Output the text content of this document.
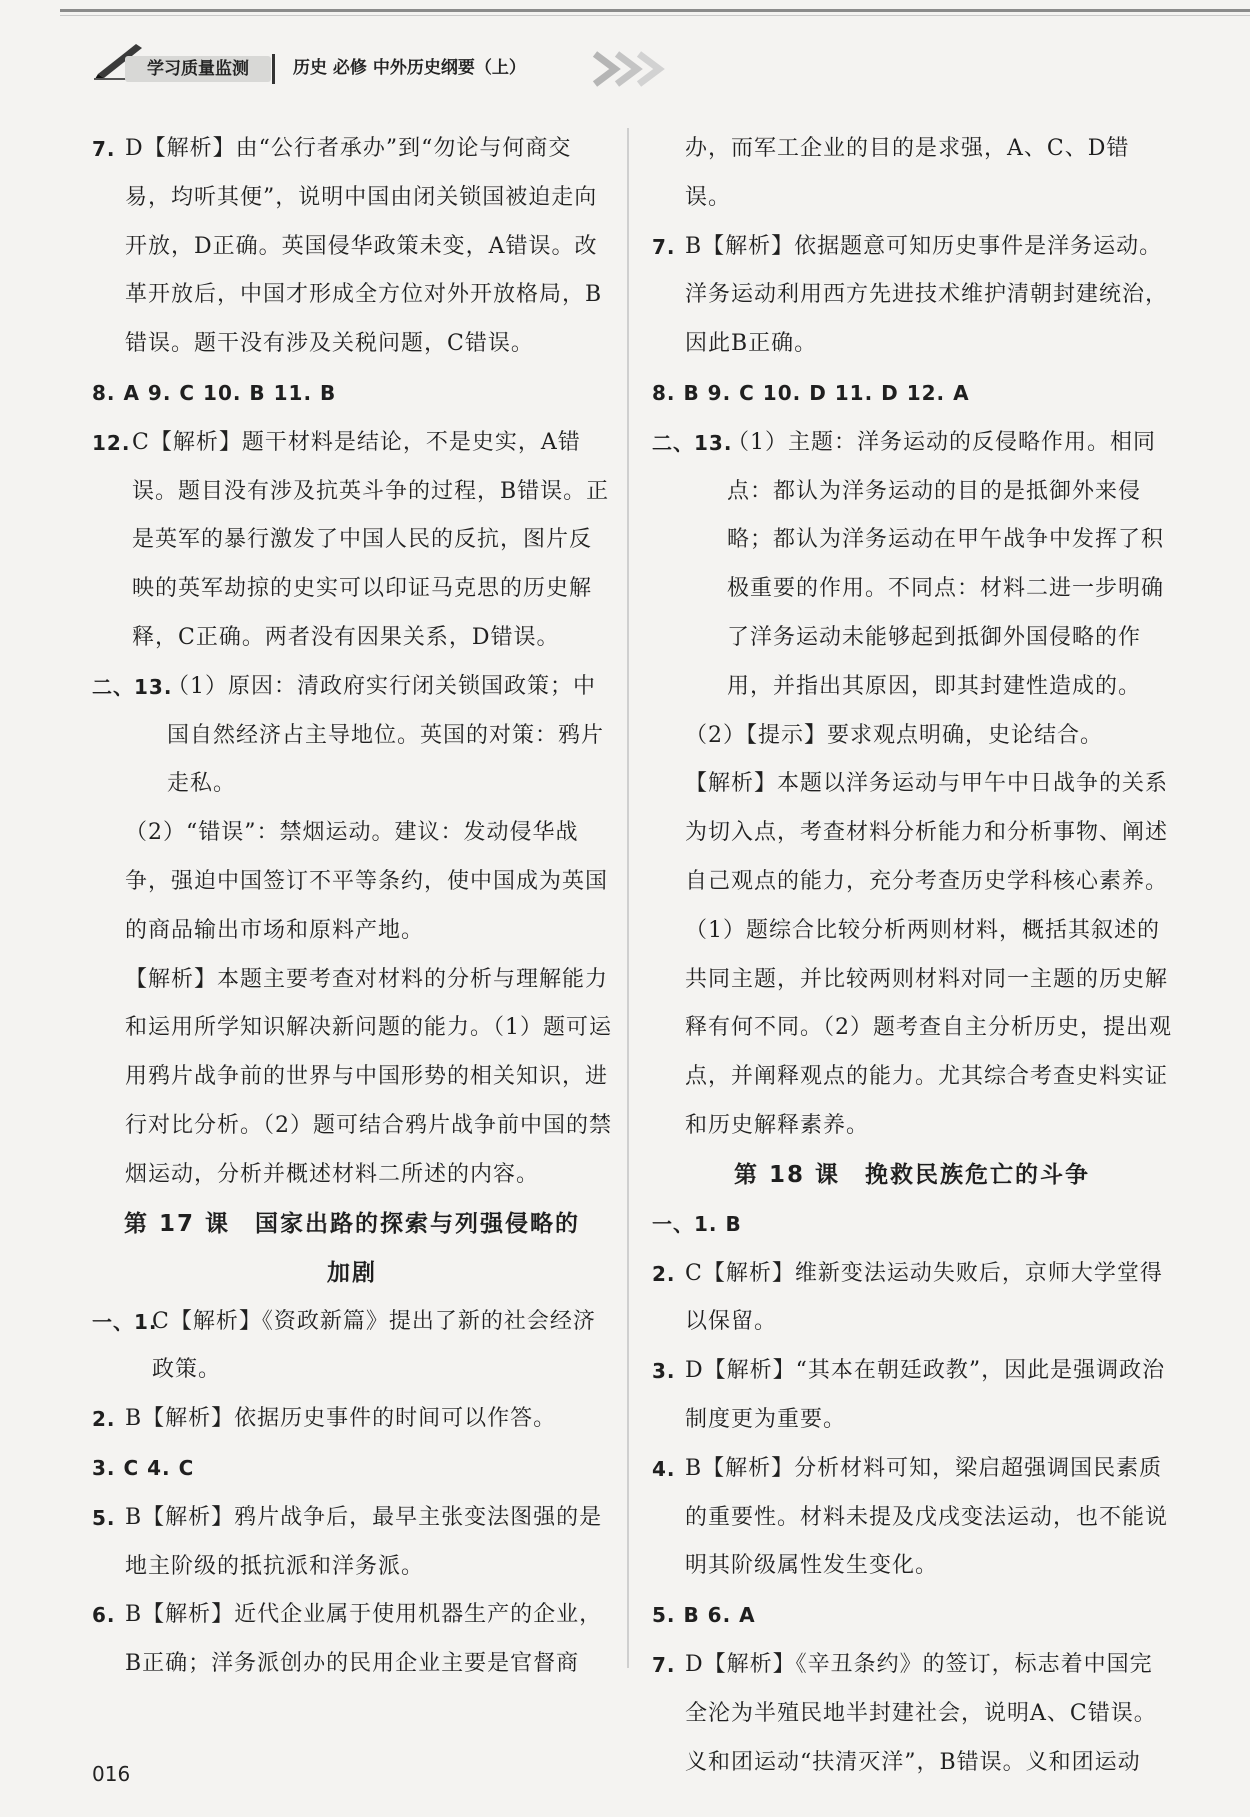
学习质量监测	历史 必修 中外历史纲要（上）

7. D【解析】由“公行者承办”到“勿论与何商交易，均听其便”，说明中国由闭关锁国被迫走向开放，D正确。英国侵华政策未变，A错误。改革开放后，中国才形成全方位对外开放格局，B错误。题干没有涉及关税问题，C错误。

8. A 9. C 10. B 11. B

12. C【解析】题干材料是结论，不是史实，A错误。题目没有涉及抗英斗争的过程，B错误。正是英军的暴行激发了中国人民的反抗，图片反映的英军劫掠的史实可以印证马克思的历史解释，C正确。两者没有因果关系，D错误。

二、13.
（1）原因：清政府实行闭关锁国政策；中国自然经济占主导地位。英国的对策：鸦片走私。

（2）“错误”：禁烟运动。建议：发动侵华战争，强迫中国签订不平等条约，使中国成为英国的商品输出市场和原料产地。

【解析】本题主要考查对材料的分析与理解能力和运用所学知识解决新问题的能力。（1）题可运用鸦片战争前的世界与中国形势的相关知识，进行对比分析。（2）题可结合鸦片战争前中国的禁烟运动，分析并概述材料二所述的内容。

第 17 课　国家出路的探索与列强侵略的

加剧

一、1.
C【解析】《资政新篇》提出了新的社会经济政策。

2. B【解析】依据历史事件的时间可以作答。

3. C 4. C

5. B【解析】鸦片战争后，最早主张变法图强的是地主阶级的抵抗派和洋务派。

6. B【解析】近代企业属于使用机器生产的企业，B正确；洋务派创办的民用企业主要是官督商

办，而军工企业的目的是求强，A、C、D错误。

7. B【解析】依据题意可知历史事件是洋务运动。洋务运动利用西方先进技术维护清朝封建统治，因此B正确。

8. B 9. C 10. D 11. D 12. A

二、13.
（1）主题：洋务运动的反侵略作用。相同点：都认为洋务运动的目的是抵御外来侵略；都认为洋务运动在甲午战争中发挥了积极重要的作用。不同点：材料二进一步明确了洋务运动未能够起到抵御外国侵略的作用，并指出其原因，即其封建性造成的。

（2）【提示】要求观点明确，史论结合。

【解析】本题以洋务运动与甲午中日战争的关系为切入点，考查材料分析能力和分析事物、阐述自己观点的能力，充分考查历史学科核心素养。（1）题综合比较分析两则材料，概括其叙述的共同主题，并比较两则材料对同一主题的历史解释有何不同。（2）题考查自主分析历史，提出观点，并阐释观点的能力。尤其综合考查史料实证和历史解释素养。

第 18 课　挽救民族危亡的斗争

一、1. B

2. C【解析】维新变法运动失败后，京师大学堂得以保留。

3. D【解析】“其本在朝廷政教”，因此是强调政治制度更为重要。

4. B【解析】分析材料可知，梁启超强调国民素质的重要性。材料未提及戊戌变法运动，也不能说明其阶级属性发生变化。

5. B 6. A

7. D【解析】《辛丑条约》的签订，标志着中国完全沦为半殖民地半封建社会，说明A、C错误。义和团运动“扶清灭洋”，B错误。义和团运动

016
